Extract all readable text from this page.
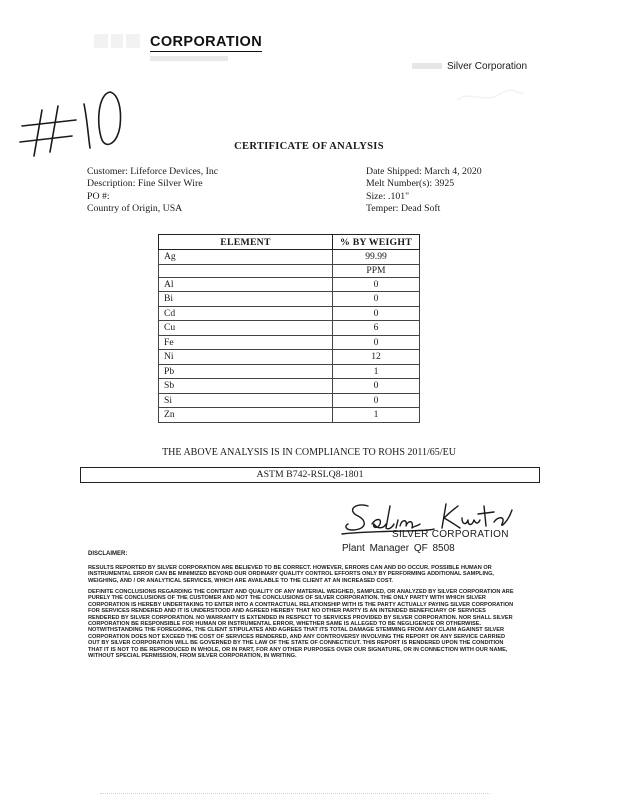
CORPORATION
Silver Corporation
CERTIFICATE OF ANALYSIS
Customer: Lifeforce Devices, Inc
Description: Fine Silver Wire
PO #:
Country of Origin, USA
Date Shipped: March 4, 2020
Melt Number(s): 3925
Size: .101"
Temper: Dead Soft
ELEMENT	% BY WEIGHT
Ag	99.99
	PPM
Al	0
Bi	0
Cd	0
Cu	6
Fe	0
Ni	12
Pb	1
Sb	0
Si	0
Zn	1
THE ABOVE ANALYSIS IS IN COMPLIANCE TO ROHS 2011/65/EU
ASTM B742-RSLQ8-1801
SILVER CORPORATION
Plant Manager QF 8508
DISCLAIMER:
RESULTS REPORTED BY SILVER CORPORATION ARE BELIEVED TO BE CORRECT. HOWEVER, ERRORS CAN AND DO OCCUR. POSSIBLE HUMAN OR INSTRUMENTAL ERROR CAN BE MINIMIZED BEYOND OUR ORDINARY QUALITY CONTROL EFFORTS ONLY BY PERFORMING ADDITIONAL SAMPLING, WEIGHING, AND / OR ANALYTICAL SERVICES, WHICH ARE AVAILABLE TO THE CLIENT AT AN INCREASED COST.
DEFINITE CONCLUSIONS REGARDING THE CONTENT AND QUALITY OF ANY MATERIAL WEIGHED, SAMPLED, OR ANALYZED BY SILVER CORPORATION ARE PURELY THE CONCLUSIONS OF THE CUSTOMER AND NOT THE CONCLUSIONS OF SILVER CORPORATION. THE ONLY PARTY WITH WHICH SILVER CORPORATION IS HEREBY UNDERTAKING TO ENTER INTO A CONTRACTUAL RELATIONSHIP WITH IS THE PARTY ACTUALLY PAYING SILVER CORPORATION FOR SERVICES RENDERED AND IT IS UNDERSTOOD AND AGREED HEREBY THAT NO OTHER PARTY IS AN INTENDED BENEFICIARY OF SERVICES RENDERED BY SILVER CORPORATION. NO WARRANTY IS EXTENDED IN RESPECT TO SERVICES PROVIDED BY SILVER CORPORATION. NOR SHALL SILVER CORPORATION BE RESPONSIBLE FOR HUMAN OR INSTRUMENTAL ERROR, WHETHER SAME IS ALLEGED TO BE NEGLIGENCE OR OTHERWISE. NOTWITHSTANDING THE FOREGOING, THE CLIENT STIPULATES AND AGREES THAT ITS TOTAL DAMAGE STEMMING FROM ANY CLAIM AGAINST SILVER CORPORATION DOES NOT EXCEED THE COST OF SERVICES RENDERED, AND ANY CONTROVERSY INVOLVING THE REPORT OR ANY SERVICE CARRIED OUT BY SILVER CORPORATION WILL BE GOVERNED BY THE LAW OF THE STATE OF CONNECTICUT. THIS REPORT IS RENDERED UPON THE CONDITION THAT IT IS NOT TO BE REPRODUCED IN WHOLE, OR IN PART, FOR ANY OTHER PURPOSES OVER OUR SIGNATURE, OR IN CONNECTION WITH OUR NAME, WITHOUT SPECIAL PERMISSION, FROM SILVER CORPORATION, IN WRITING.
